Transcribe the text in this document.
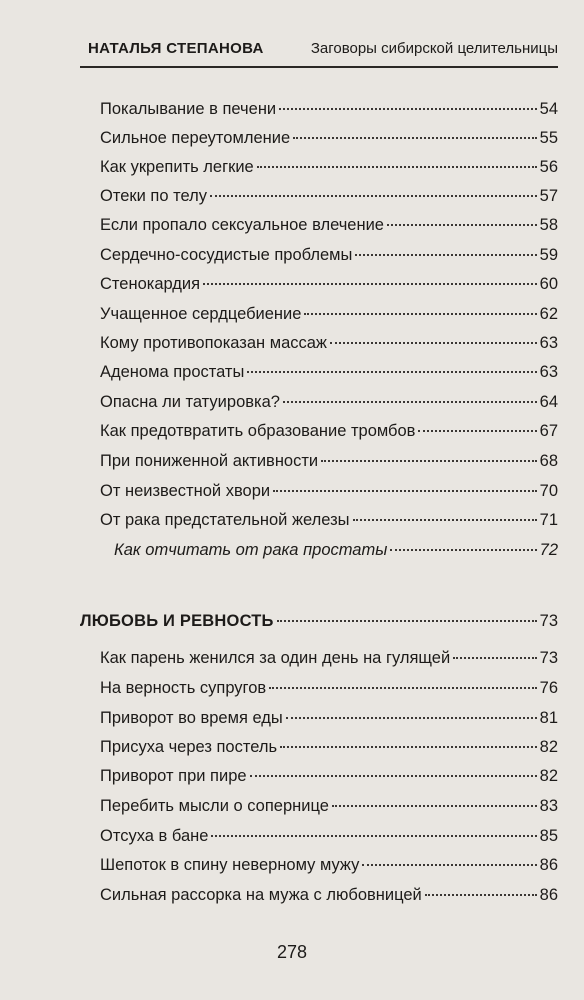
НАТАЛЬЯ СТЕПАНОВА	Заговоры сибирской целительницы
Покалывание в печени	54
Сильное переутомление	55
Как укрепить легкие	56
Отеки по телу	57
Если пропало сексуальное влечение	58
Сердечно-сосудистые проблемы	59
Стенокардия	60
Учащенное сердцебиение	62
Кому противопоказан массаж	63
Аденома простаты	63
Опасна ли татуировка?	64
Как предотвратить образование тромбов	67
При пониженной активности	68
От неизвестной хвори	70
От рака предстательной железы	71
Как отчитать от рака простаты	72
ЛЮБОВЬ И РЕВНОСТЬ	73
Как парень женился за один день на гулящей	73
На верность супругов	76
Приворот во время еды	81
Присуха через постель	82
Приворот при пире	82
Перебить мысли о сопернице	83
Отсуха в бане	85
Шепоток в спину неверному мужу	86
Сильная рассорка на мужа с любовницей	86
278
